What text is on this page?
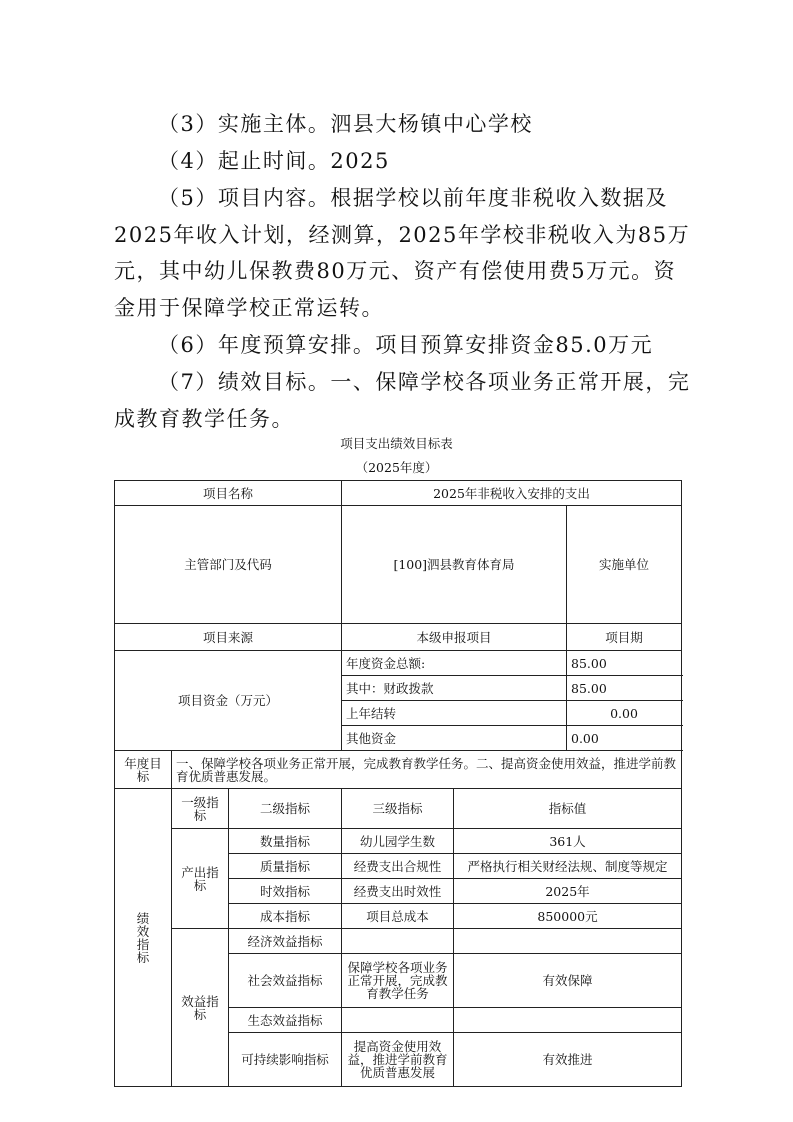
（3）实施主体。泗县大杨镇中心学校

（4）起止时间。2025

（5）项目内容。根据学校以前年度非税收入数据及2025年收入计划，经测算，2025年学校非税收入为85万元，其中幼儿保教费80万元、资产有偿使用费5万元。资金用于保障学校正常运转。

（6）年度预算安排。项目预算安排资金85.0万元

（7）绩效目标。一、保障学校各项业务正常开展，完成教育教学任务。

项目支出绩效目标表

（2025年度）

项目名称			2025年非税收入安排的支出			
主管部门及代码			[100]泗县教育体育局		实施单位	
项目来源			本级申报项目		项目期	
项目资金（万元）			年度资金总额:		85.00	
			其中：财政拨款		85.00	
			上年结转		0.00	
			其他资金		0.00	
年度目标	一、保障学校各项业务正常开展，完成教育教学任务。二、提高资金使用效益，推进学前教育优质普惠发展。					
绩效指标	一级指标	二级指标	三级指标	指标值		
	产出指标	数量指标	幼儿园学生数	361人		
		质量指标	经费支出合规性	严格执行相关财经法规、制度等规定		
		时效指标	经费支出时效性	2025年		
		成本指标	项目总成本	850000元		
	效益指标	经济效益指标				
		社会效益指标	保障学校各项业务正常开展，完成教育教学任务	有效保障		
		生态效益指标				
		可持续影响指标	提高资金使用效益，推进学前教育优质普惠发展	有效推进		
